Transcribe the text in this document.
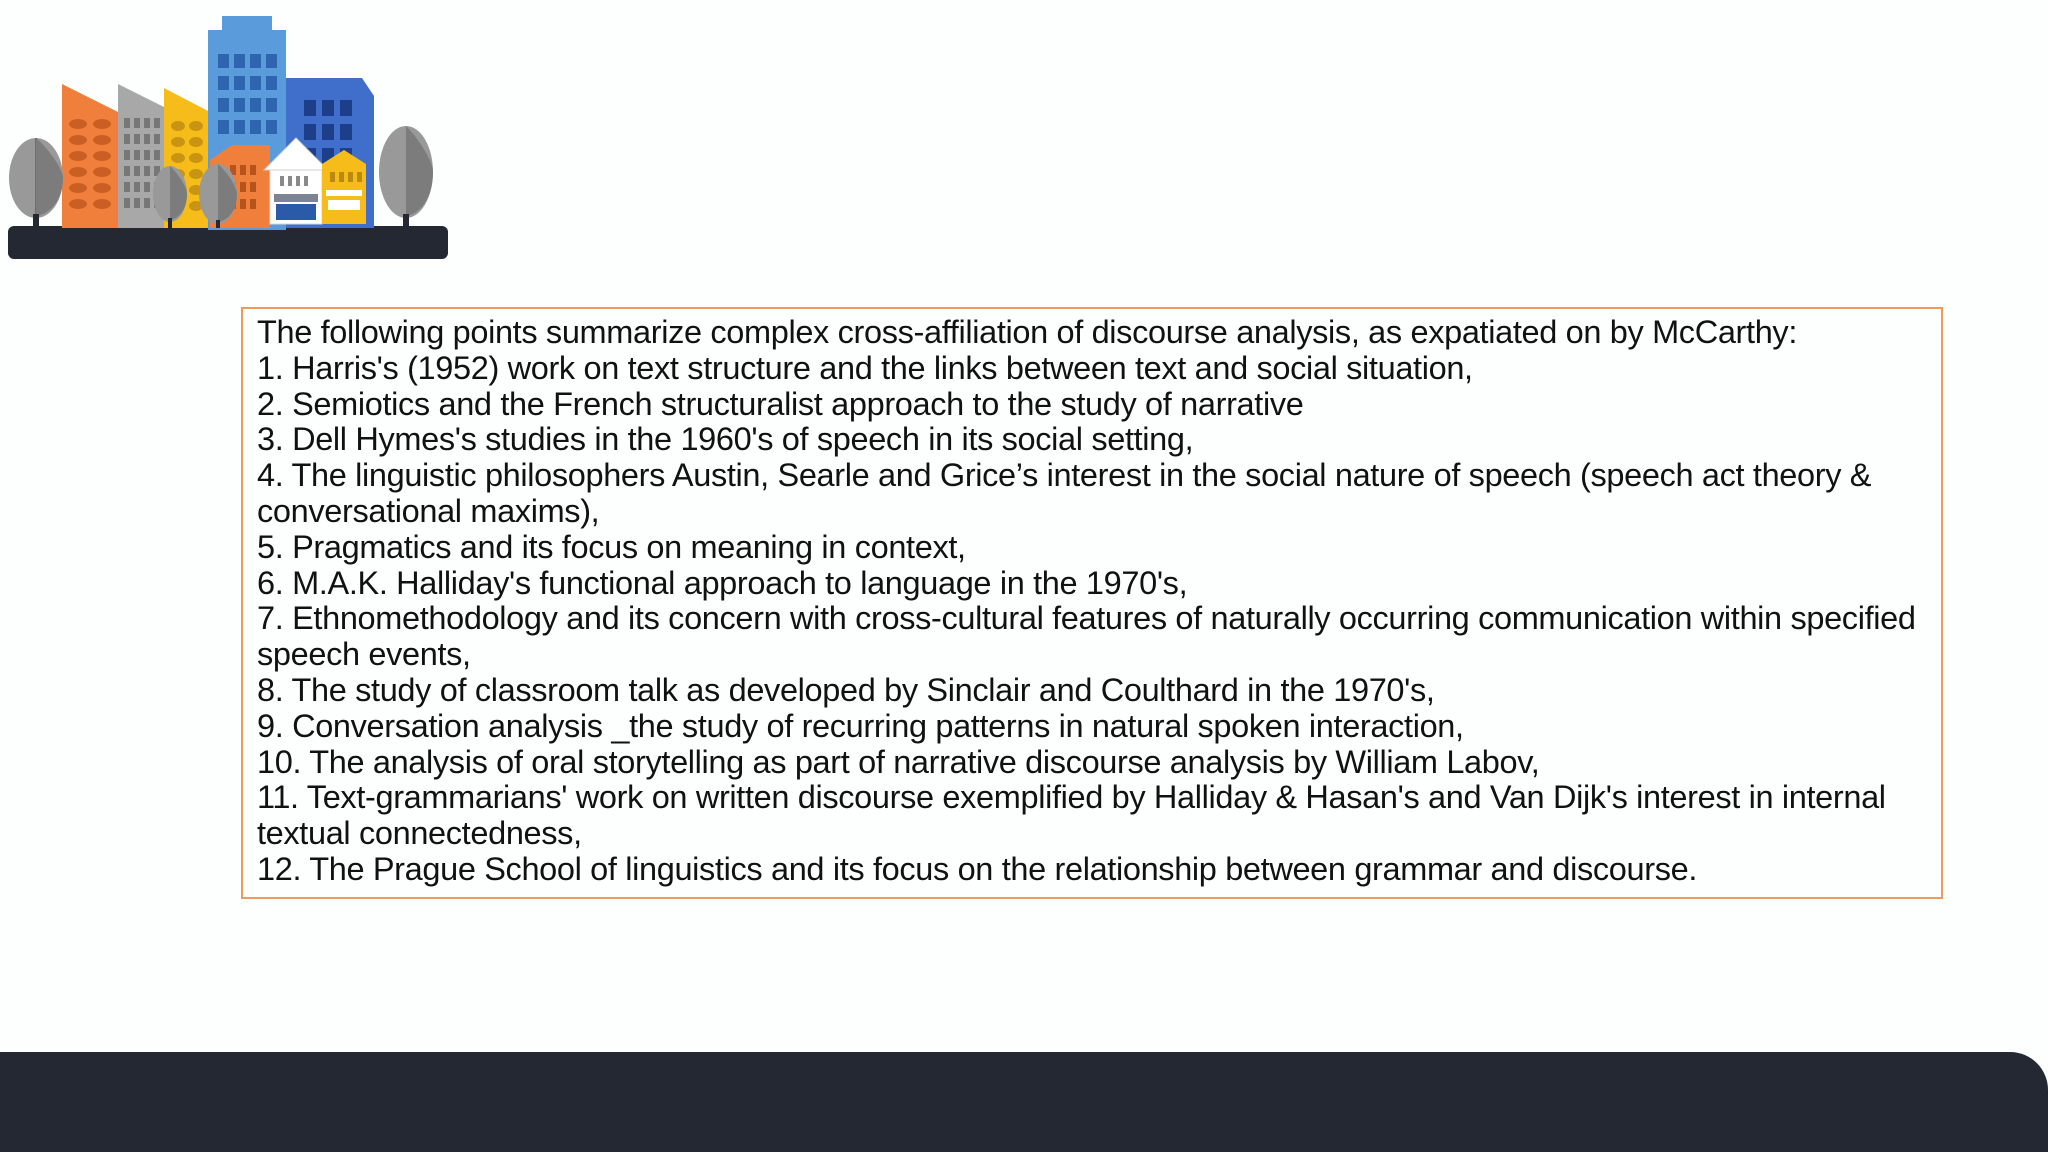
The following points summarize complex cross-affiliation of discourse analysis, as expatiated on by McCarthy:

1. Harris's (1952) work on text structure and the links between text and social situation,

2. Semiotics and the French structuralist approach to the study of narrative

3. Dell Hymes's studies in the 1960's of speech in its social setting,

4. The linguistic philosophers Austin, Searle and Grice’s interest in the social nature of speech (speech act theory & conversational maxims),

5. Pragmatics and its focus on meaning in context,

6. M.A.K. Halliday's functional approach to language in the 1970's,

7. Ethnomethodology and its concern with cross-cultural features of naturally occurring communication within specified speech events,

8. The study of classroom talk as developed by Sinclair and Coulthard in the 1970's,

9. Conversation analysis _the study of recurring patterns in natural spoken interaction,

10. The analysis of oral storytelling as part of narrative discourse analysis by William Labov,

11. Text-grammarians' work on written discourse exemplified by Halliday & Hasan's and Van Dijk's interest in internal textual connectedness,

12. The Prague School of linguistics and its focus on the relationship between grammar and discourse.
